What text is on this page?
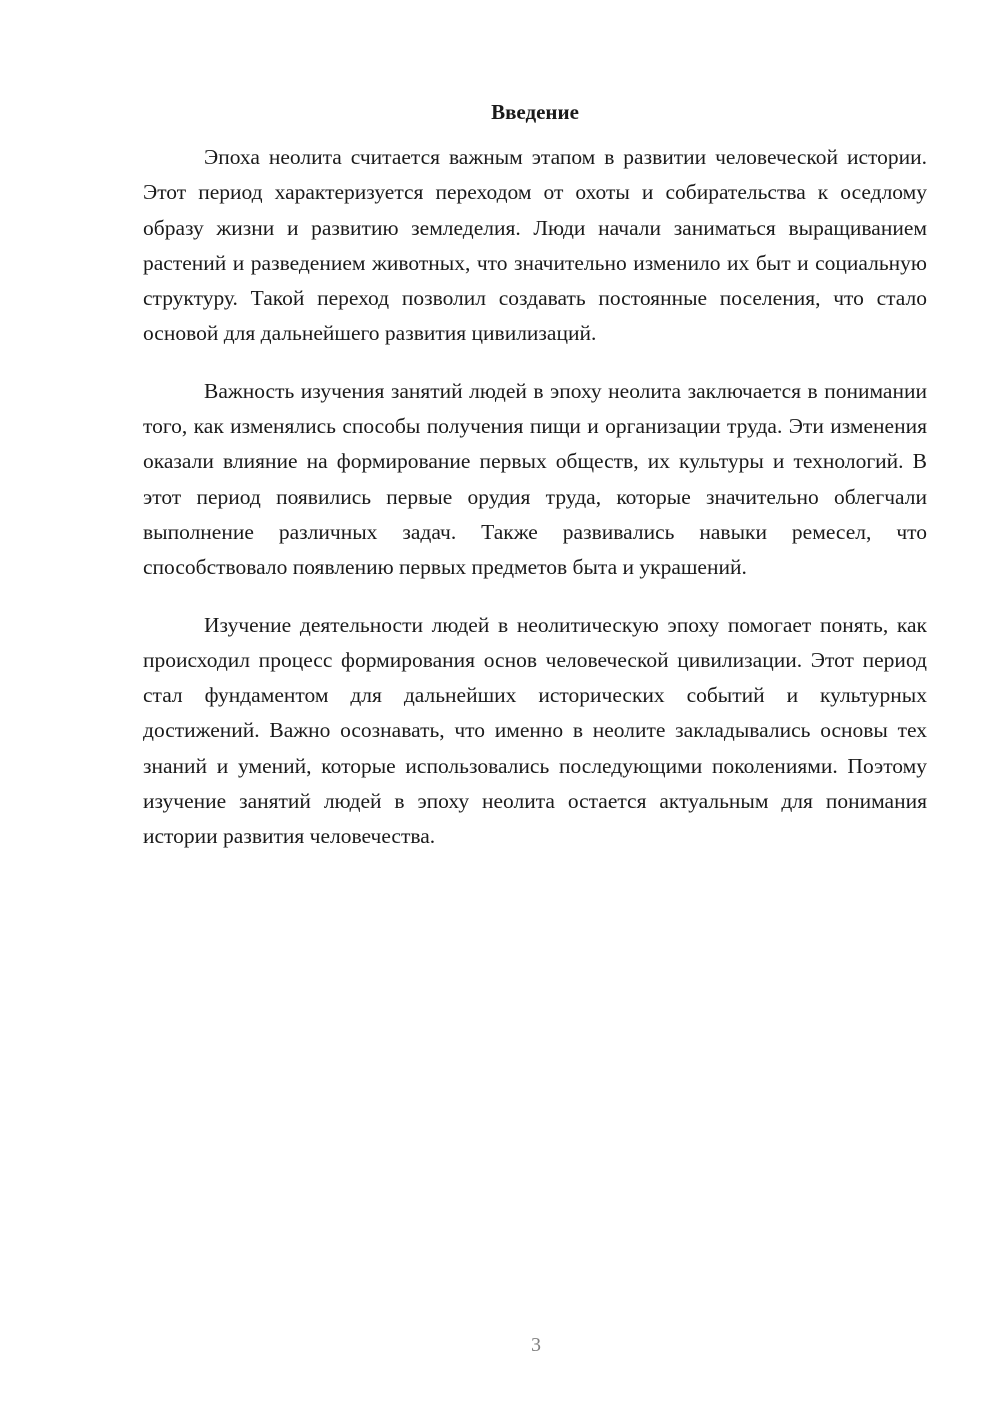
Введение

Эпоха неолита считается важным этапом в развитии человеческой истории. Этот период характеризуется переходом от охоты и собирательства к оседлому образу жизни и развитию земледелия. Люди начали заниматься выращиванием растений и разведением животных, что значительно изменило их быт и социальную структуру. Такой переход позволил создавать постоянные поселения, что стало основой для дальнейшего развития цивилизаций.

Важность изучения занятий людей в эпоху неолита заключается в понимании того, как изменялись способы получения пищи и организации труда. Эти изменения оказали влияние на формирование первых обществ, их культуры и технологий. В этот период появились первые орудия труда, которые значительно облегчали выполнение различных задач. Также развивались навыки ремесел, что способствовало появлению первых предметов быта и украшений.

Изучение деятельности людей в неолитическую эпоху помогает понять, как происходил процесс формирования основ человеческой цивилизации. Этот период стал фундаментом для дальнейших исторических событий и культурных достижений. Важно осознавать, что именно в неолите закладывались основы тех знаний и умений, которые использовались последующими поколениями. Поэтому изучение занятий людей в эпоху неолита остается актуальным для понимания истории развития человечества.

3
